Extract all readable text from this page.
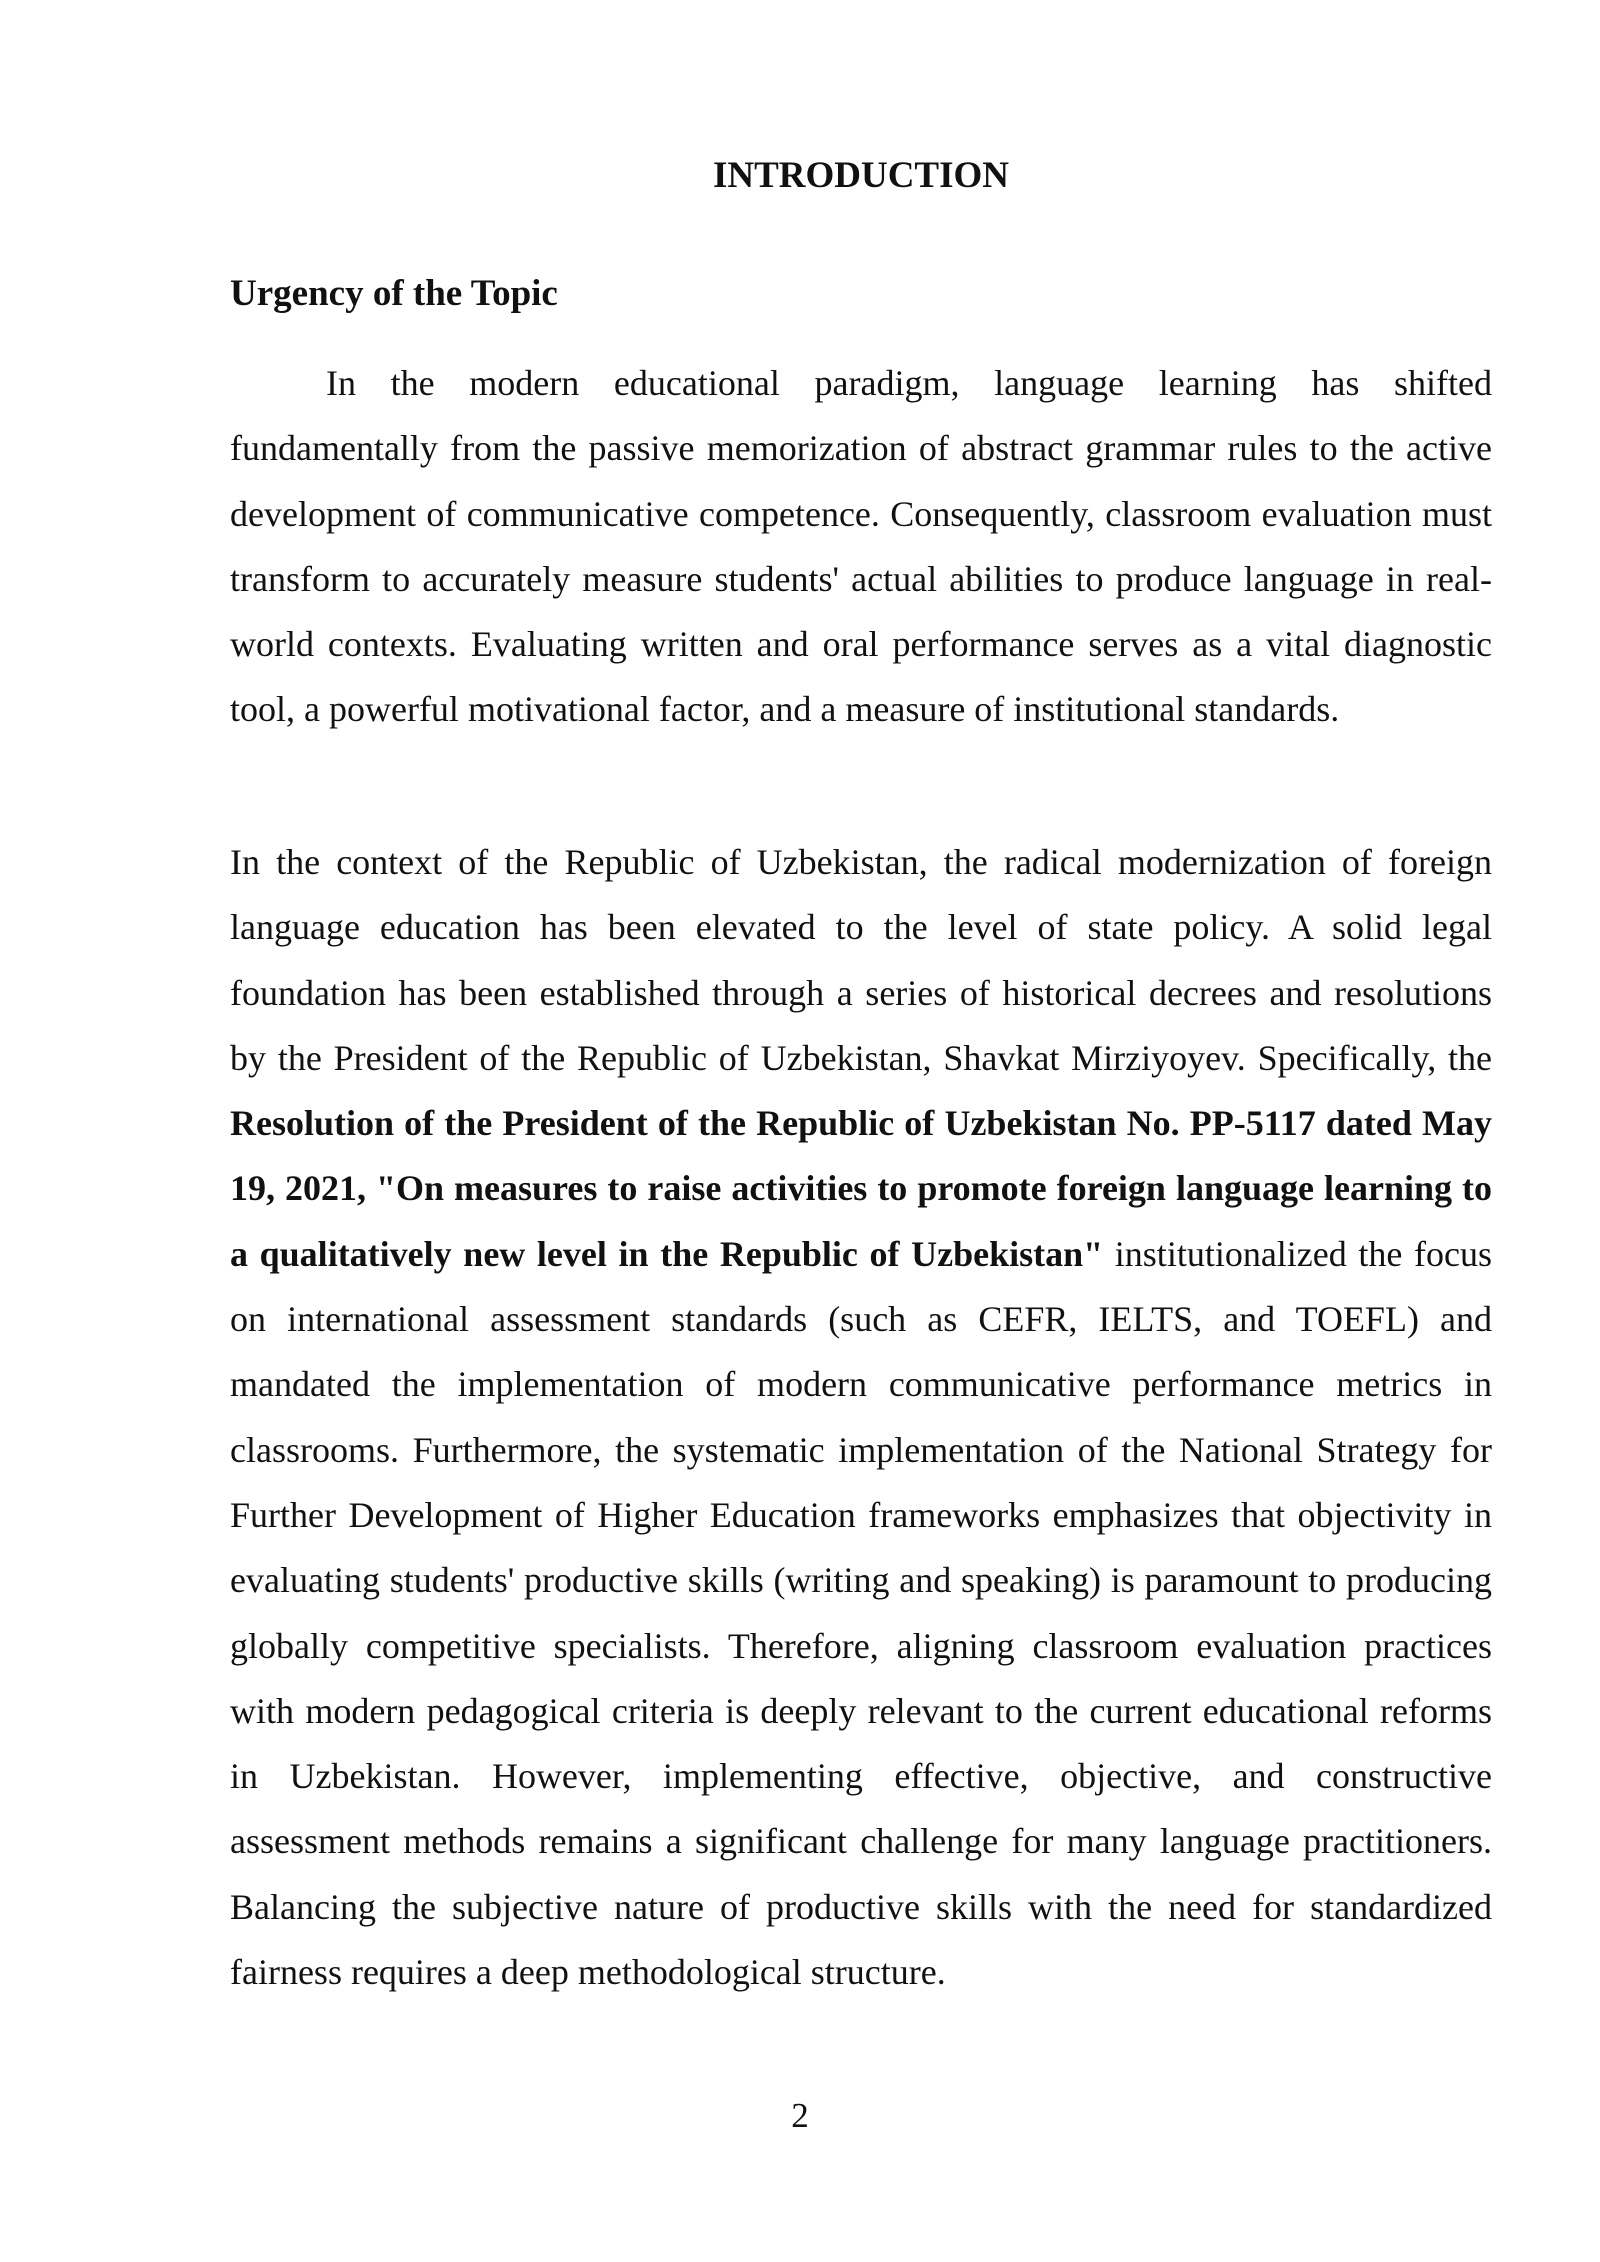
INTRODUCTION
Urgency of the Topic

In the modern educational paradigm, language learning has shifted fundamentally from the passive memorization of abstract grammar rules to the active development of communicative competence. Consequently, classroom evaluation must transform to accurately measure students' actual abilities to produce language in real-world contexts. Evaluating written and oral performance serves as a vital diagnostic tool, a powerful motivational factor, and a measure of institutional standards.

In the context of the Republic of Uzbekistan, the radical modernization of foreign language education has been elevated to the level of state policy. A solid legal foundation has been established through a series of historical decrees and resolutions by the President of the Republic of Uzbekistan, Shavkat Mirziyoyev. Specifically, the Resolution of the President of the Republic of Uzbekistan No. PP-5117 dated May 19, 2021, "On measures to raise activities to promote foreign language learning to a qualitatively new level in the Republic of Uzbekistan" institutionalized the focus on international assessment standards (such as CEFR, IELTS, and TOEFL) and mandated the implementation of modern communicative performance metrics in classrooms. Furthermore, the systematic implementation of the National Strategy for Further Development of Higher Education frameworks emphasizes that objectivity in evaluating students' productive skills (writing and speaking) is paramount to producing globally competitive specialists. Therefore, aligning classroom evaluation practices with modern pedagogical criteria is deeply relevant to the current educational reforms in Uzbekistan. However, implementing effective, objective, and constructive assessment methods remains a significant challenge for many language practitioners. Balancing the subjective nature of productive skills with the need for standardized fairness requires a deep methodological structure.

2
